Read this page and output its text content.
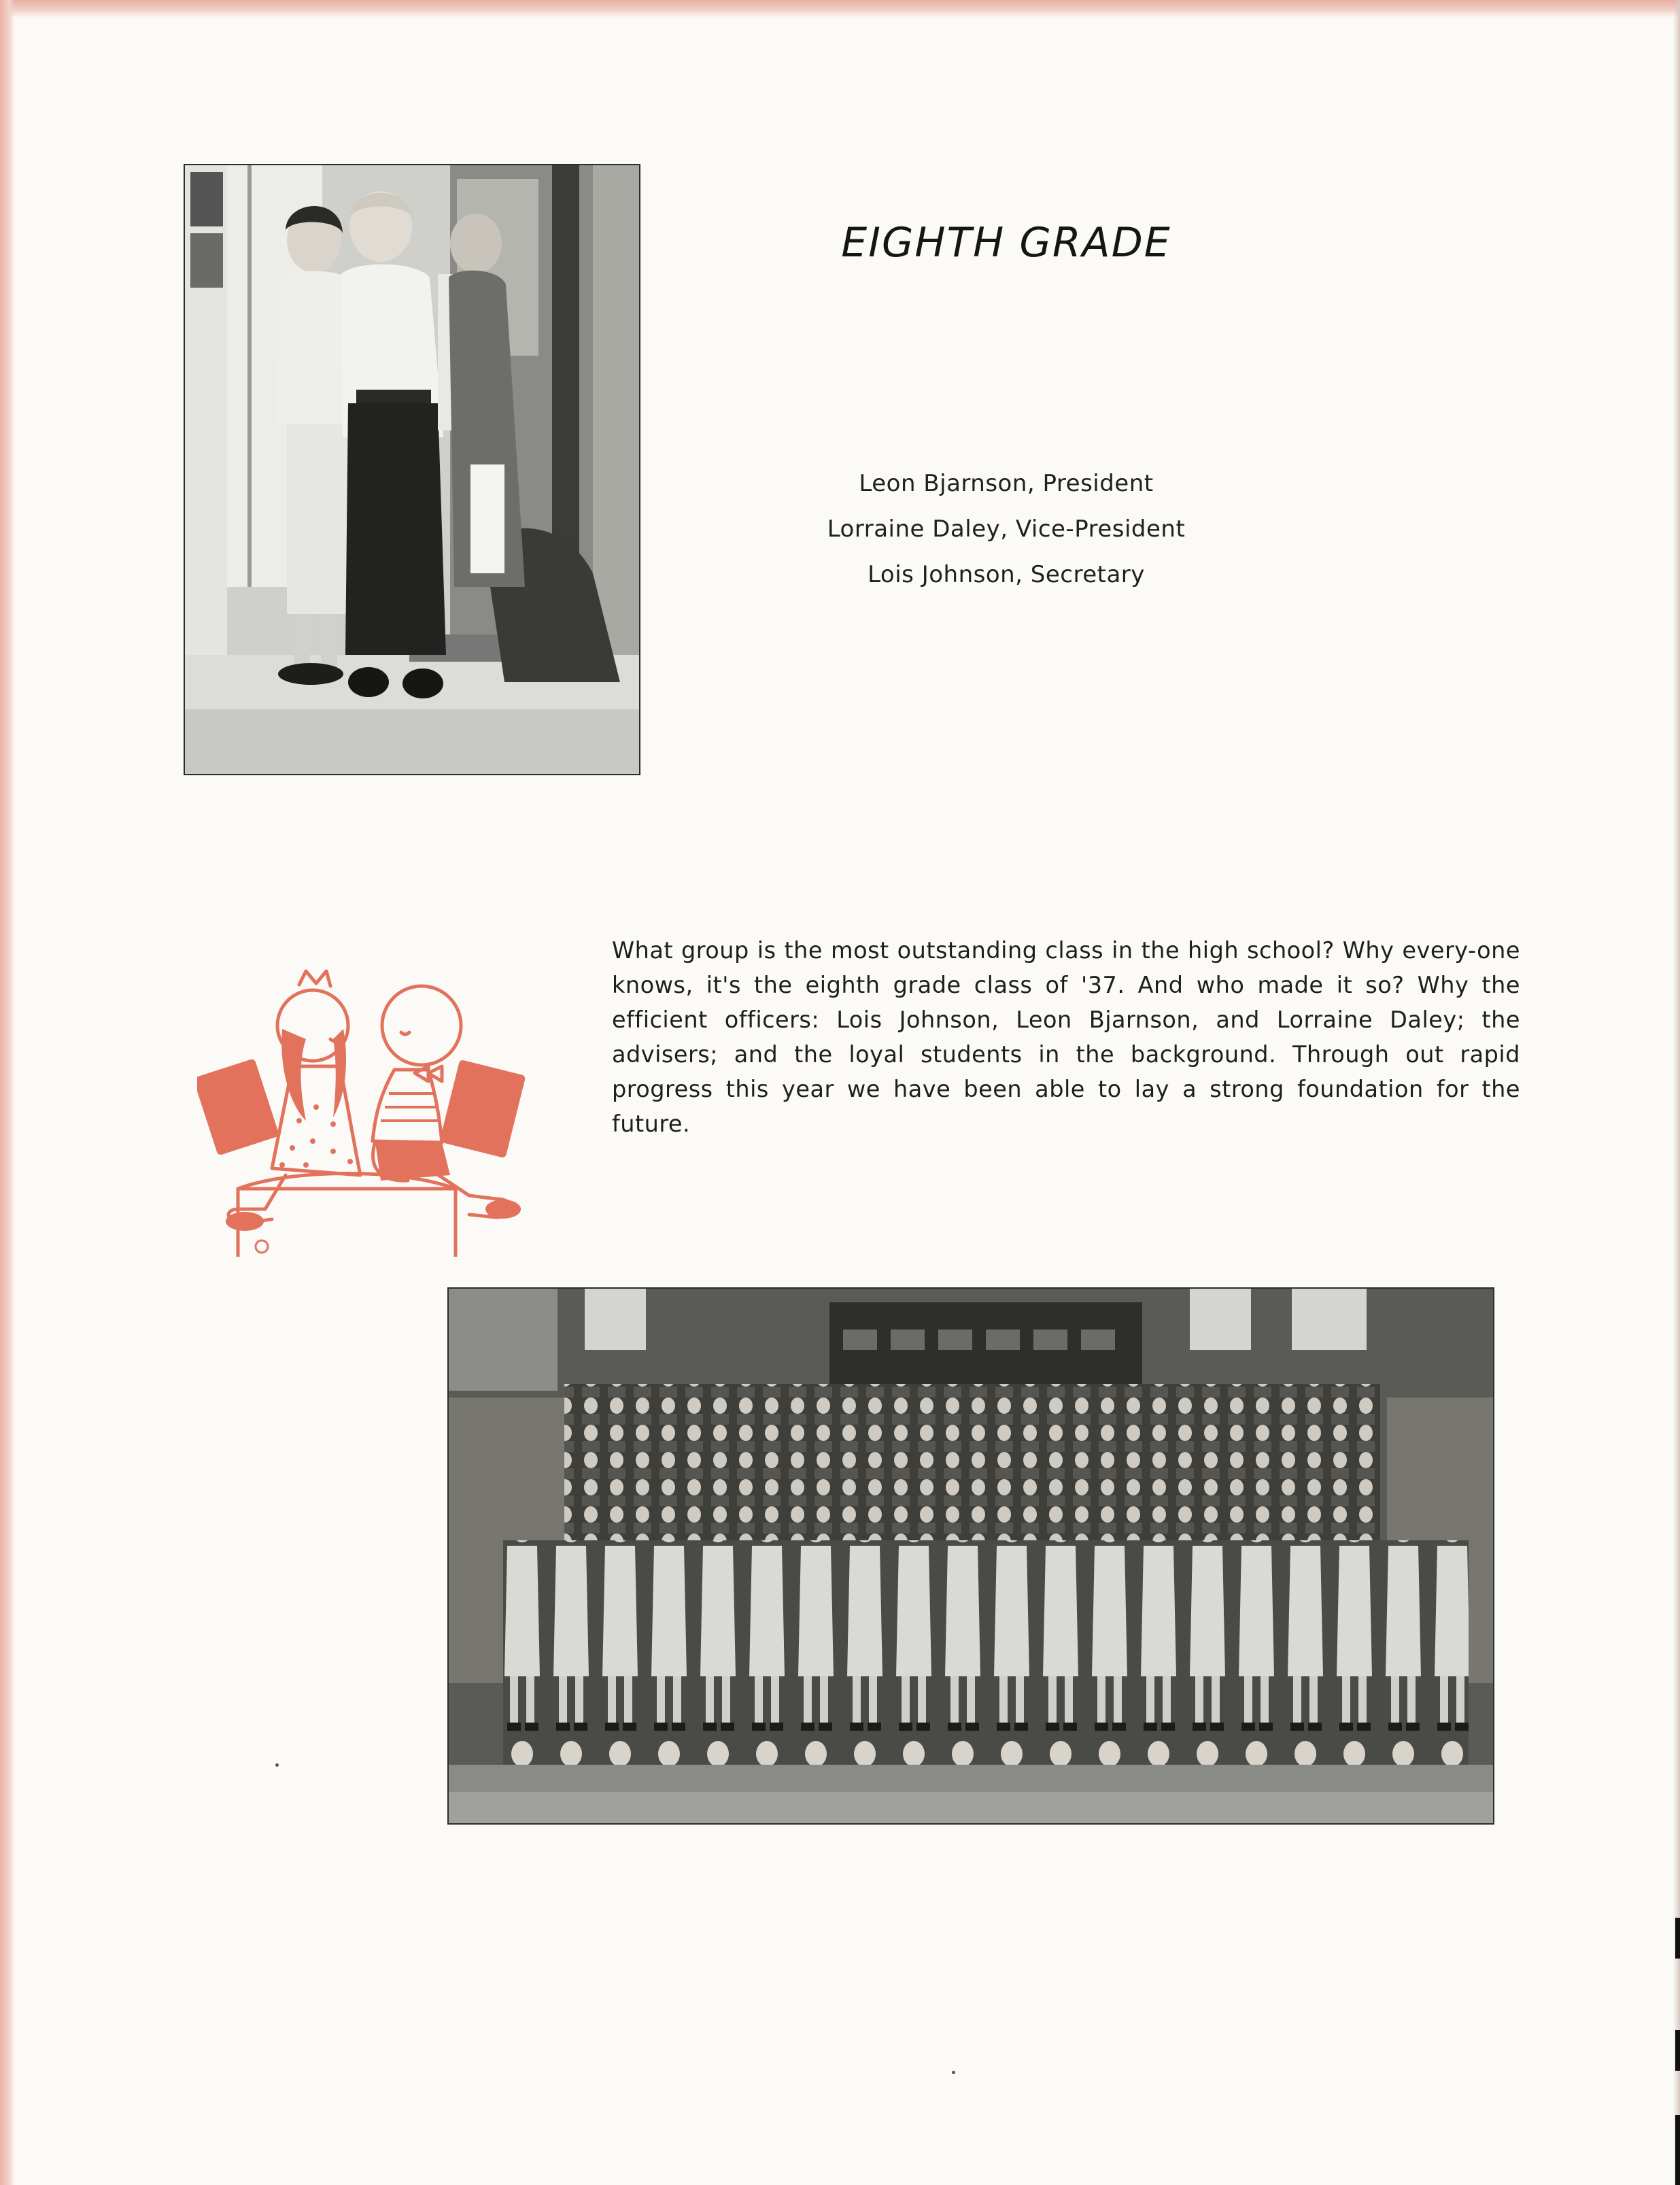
EIGHTH GRADE
Leon Bjarnson, President
Lorraine Daley, Vice-President
Lois Johnson, Secretary
What group is the most outstanding class in the high school? Why every-one knows, it's the eighth grade class of '37. And who made it so? Why the efficient officers: Lois Johnson, Leon Bjarnson, and Lorraine Daley; the advisers; and the loyal students in the background. Through out rapid progress this year we have been able to lay a strong foundation for the future.
